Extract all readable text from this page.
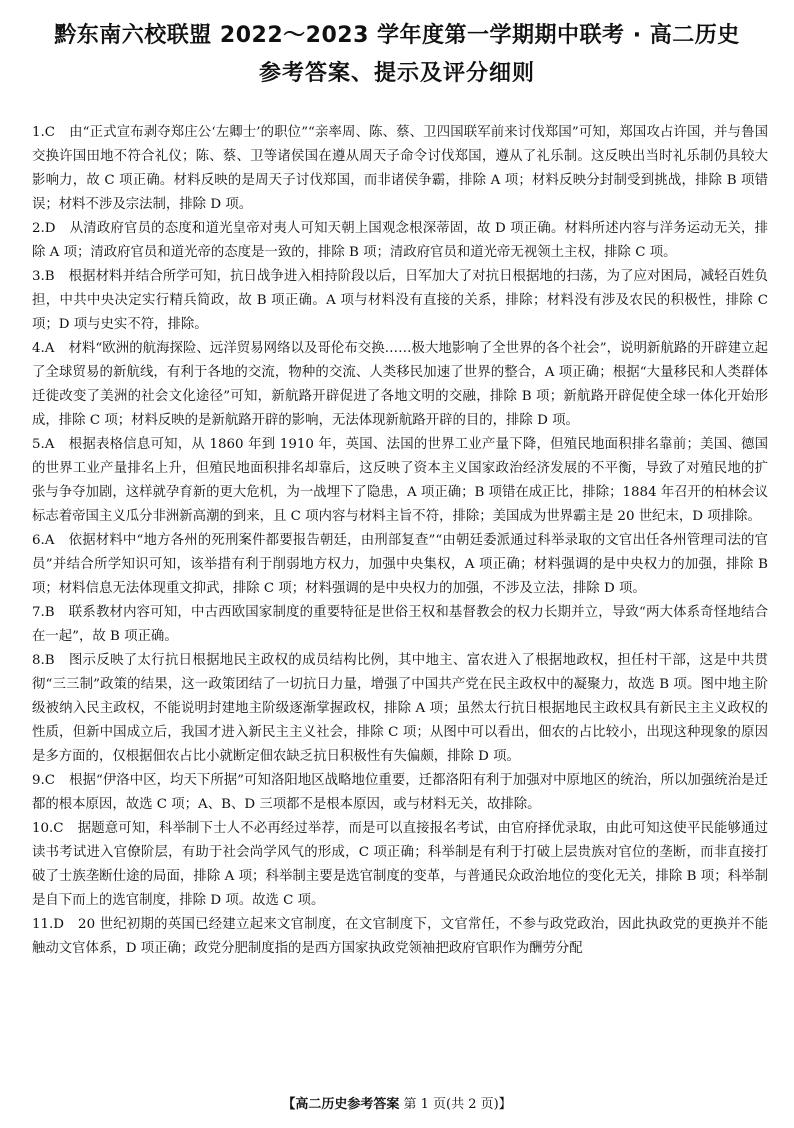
黔东南六校联盟 2022～2023 学年度第一学期期中联考 · 高二历史
参考答案、提示及评分细则

1.C 由“正式宣布剥夺郑庄公‘左卿士’的职位”“亲率周、陈、蔡、卫四国联军前来讨伐郑国”可知，郑国攻占许国，并与鲁国交换许国田地不符合礼仪；陈、蔡、卫等诸侯国在遵从周天子命令讨伐郑国，遵从了礼乐制。这反映出当时礼乐制仍具较大影响力，故 C 项正确。材料反映的是周天子讨伐郑国，而非诸侯争霸，排除 A 项；材料反映分封制受到挑战，排除 B 项错误；材料不涉及宗法制，排除 D 项。

2.D 从清政府官员的态度和道光皇帝对夷人可知天朝上国观念根深蒂固，故 D 项正确。材料所述内容与洋务运动无关，排除 A 项；清政府官员和道光帝的态度是一致的，排除 B 项；清政府官员和道光帝无视领土主权，排除 C 项。

3.B 根据材料并结合所学可知，抗日战争进入相持阶段以后，日军加大了对抗日根据地的扫荡，为了应对困局，减轻百姓负担，中共中央决定实行精兵简政，故 B 项正确。A 项与材料没有直接的关系，排除；材料没有涉及农民的积极性，排除 C 项；D 项与史实不符，排除。

4.A 材料“欧洲的航海探险、远洋贸易网络以及哥伦布交换……极大地影响了全世界的各个社会”，说明新航路的开辟建立起了全球贸易的新航线，有利于各地的交流，物种的交流、人类移民加速了世界的整合，A 项正确；根据“大量移民和人类群体迁徙改变了美洲的社会文化途径”可知，新航路开辟促进了各地文明的交融，排除 B 项；新航路开辟促使全球一体化开始形成，排除 C 项；材料反映的是新航路开辟的影响，无法体现新航路开辟的目的，排除 D 项。

5.A 根据表格信息可知，从 1860 年到 1910 年，英国、法国的世界工业产量下降，但殖民地面积排名靠前；美国、德国的世界工业产量排名上升，但殖民地面积排名却靠后，这反映了资本主义国家政治经济发展的不平衡，导致了对殖民地的扩张与争夺加剧，这样就孕育新的更大危机，为一战埋下了隐患，A 项正确；B 项错在成正比，排除；1884 年召开的柏林会议标志着帝国主义瓜分非洲新高潮的到来，且 C 项内容与材料主旨不符，排除；美国成为世界霸主是 20 世纪末，D 项排除。

6.A 依据材料中“地方各州的死刑案件都要报告朝廷，由刑部复查”“由朝廷委派通过科举录取的文官出任各州管理司法的官员”并结合所学知识可知，该举措有利于削弱地方权力，加强中央集权，A 项正确；材料强调的是中央权力的加强，排除 B 项；材料信息无法体现重文抑武，排除 C 项；材料强调的是中央权力的加强，不涉及立法，排除 D 项。

7.B 联系教材内容可知，中古西欧国家制度的重要特征是世俗王权和基督教会的权力长期并立，导致“两大体系奇怪地结合在一起”，故 B 项正确。

8.B 图示反映了太行抗日根据地民主政权的成员结构比例，其中地主、富农进入了根据地政权，担任村干部，这是中共贯彻“三三制”政策的结果，这一政策团结了一切抗日力量，增强了中国共产党在民主政权中的凝聚力，故选 B 项。图中地主阶级被纳入民主政权，不能说明封建地主阶级逐渐掌握政权，排除 A 项；虽然太行抗日根据地民主政权具有新民主主义政权的性质，但新中国成立后，我国才进入新民主主义社会，排除 C 项；从图中可以看出，佃农的占比较小，出现这种现象的原因是多方面的，仅根据佃农占比小就断定佃农缺乏抗日积极性有失偏颇，排除 D 项。

9.C 根据“伊洛中区，均天下所据”可知洛阳地区战略地位重要，迁都洛阳有利于加强对中原地区的统治，所以加强统治是迁都的根本原因，故选 C 项；A、B、D 三项都不是根本原因，或与材料无关，故排除。

10.C 据题意可知，科举制下士人不必再经过举荐，而是可以直接报名考试，由官府择优录取，由此可知这使平民能够通过读书考试进入官僚阶层，有助于社会尚学风气的形成，C 项正确；科举制是有利于打破上层贵族对官位的垄断，而非直接打破了士族垄断仕途的局面，排除 A 项；科举制主要是选官制度的变革，与普通民众政治地位的变化无关，排除 B 项；科举制是自下而上的选官制度，排除 D 项。故选 C 项。

11.D 20 世纪初期的英国已经建立起来文官制度，在文官制度下，文官常任，不参与政党政治，因此执政党的更换并不能触动文官体系，D 项正确；政党分肥制度指的是西方国家执政党领袖把政府官职作为酬劳分配

【高二历史参考答案 第 1 页(共 2 页)】
